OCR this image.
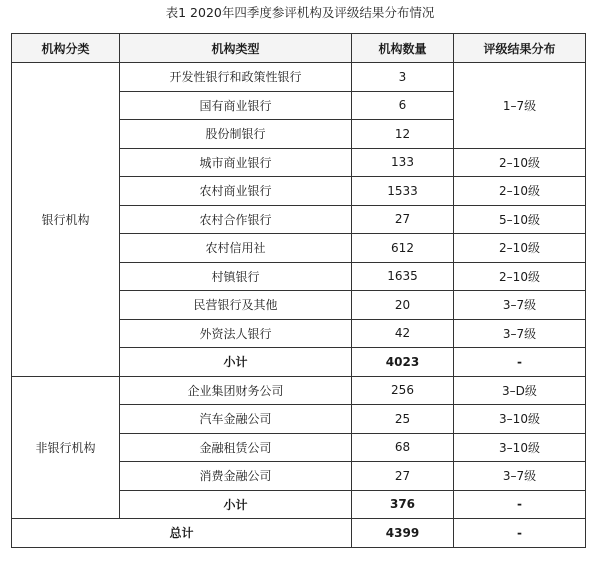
表1 2020年四季度参评机构及评级结果分布情况
机构分类	机构类型	机构数量	评级结果分布
银行机构	开发性银行和政策性银行	3	1–7级
	国有商业银行	6	
	股份制银行	12	
	城市商业银行	133	2–10级
	农村商业银行	1533	2–10级
	农村合作银行	27	5–10级
	农村信用社	612	2–10级
	村镇银行	1635	2–10级
	民营银行及其他	20	3–7级
	外资法人银行	42	3–7级
	小计	4023	-
非银行机构	企业集团财务公司	256	3–D级
	汽车金融公司	25	3–10级
	金融租赁公司	68	3–10级
	消费金融公司	27	3–7级
	小计	376	-
总计		4399	-
